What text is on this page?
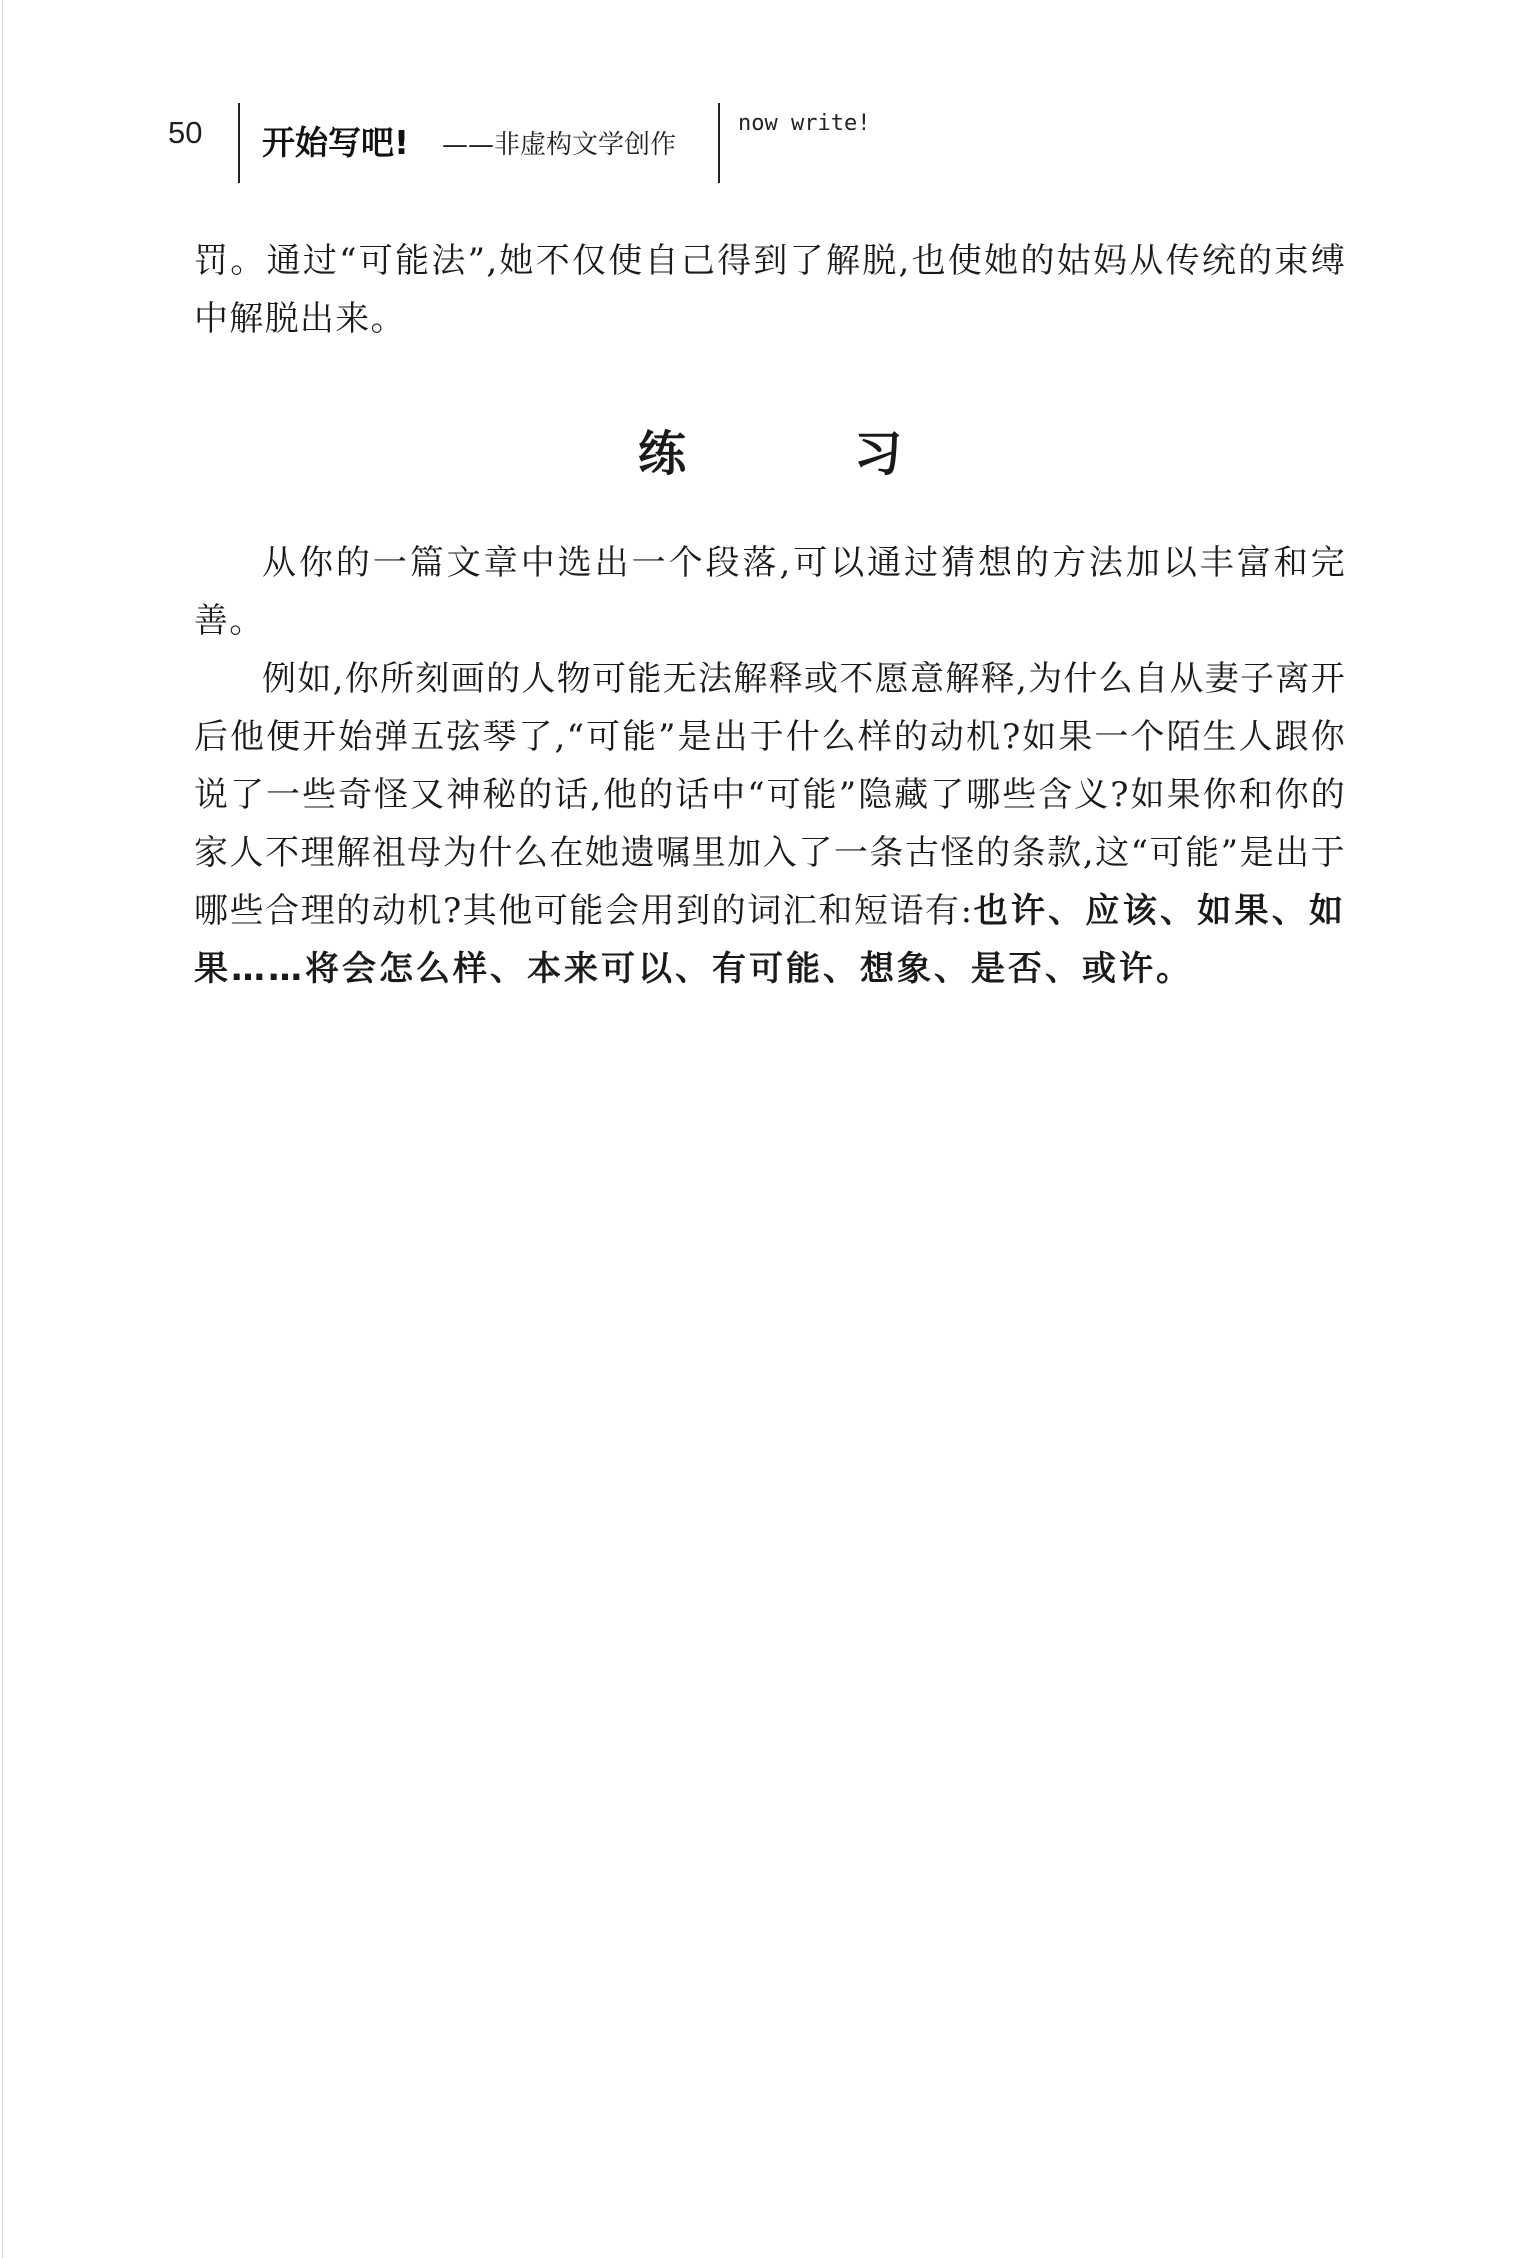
50 开始写吧! ——非虚构文学创作
now write!

罚。通过“可能法”,她不仅使自己得到了解脱,也使她的姑妈从传统的束缚中解脱出来。

练　习

从你的一篇文章中选出一个段落,可以通过猜想的方法加以丰富和完善。

例如,你所刻画的人物可能无法解释或不愿意解释,为什么自从妻子离开后他便开始弹五弦琴了,“可能”是出于什么样的动机?如果一个陌生人跟你说了一些奇怪又神秘的话,他的话中“可能”隐藏了哪些含义?如果你和你的家人不理解祖母为什么在她遗嘱里加入了一条古怪的条款,这“可能”是出于哪些合理的动机?其他可能会用到的词汇和短语有:也许、应该、如果、如果……将会怎么样、本来可以、有可能、想象、是否、或许。
